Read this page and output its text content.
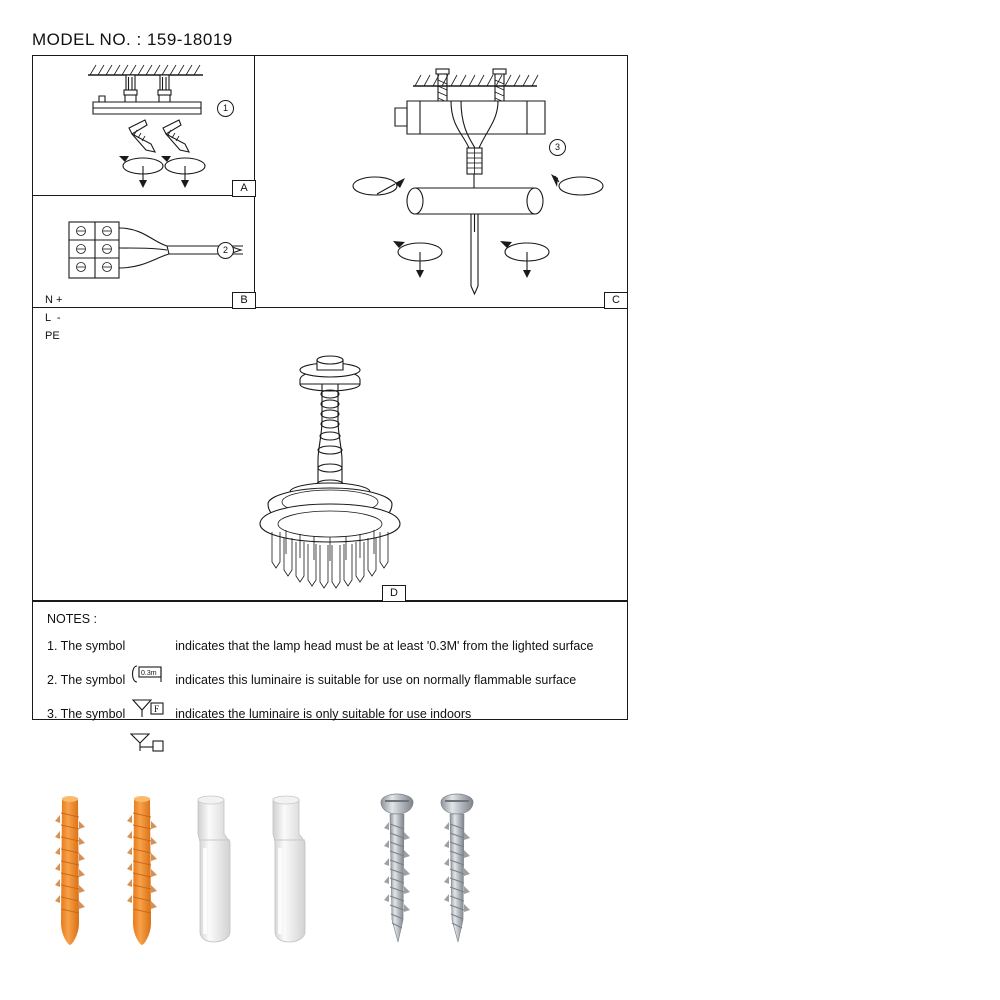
MODEL NO. : 159-18019
1
A
N +
L  -
PE
2
B
3
C
D
NOTES :
1. The symbol

0.3m

indicates that the lamp head must be at least '0.3M' from the lighted surface
2. The symbol

F

indicates this luminaire is suitable for use on normally flammable surface
3. The symbol

	indicates the luminaire is only suitable for use indoors
